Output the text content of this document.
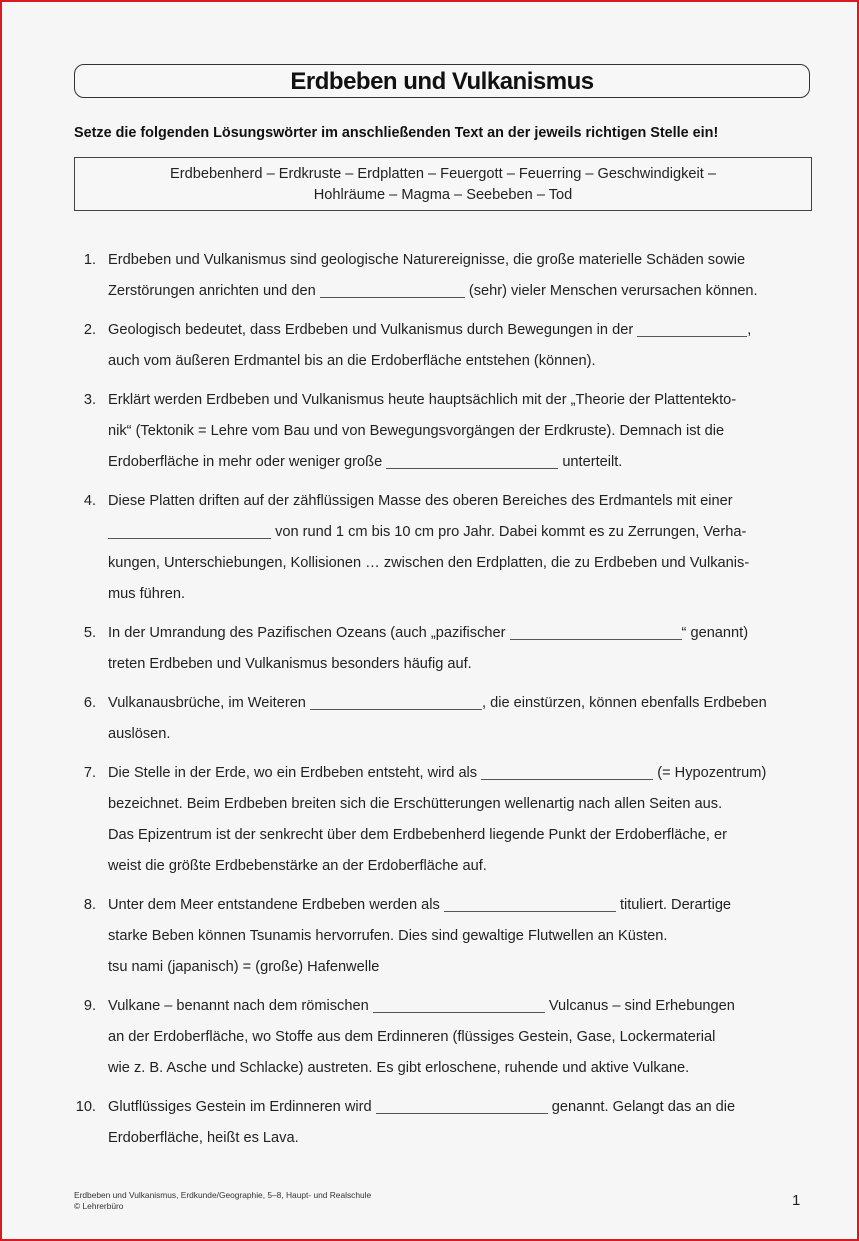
Erdbeben und Vulkanismus
Setze die folgenden Lösungswörter im anschließenden Text an der jeweils richtigen Stelle ein!
Erdbebenherd – Erdkruste – Erdplatten – Feuergott – Feuerring – Geschwindigkeit –
Hohlräume – Magma – Seebeben – Tod
1. Erdbeben und Vulkanismus sind geologische Naturereignisse, die große materielle Schäden sowie
Zerstörungen anrichten und den	(sehr) vieler Menschen verursachen können.
2. Geologisch bedeutet, dass Erdbeben und Vulkanismus durch Bewegungen in der	,
auch vom äußeren Erdmantel bis an die Erdoberfläche entstehen (können).
3. Erklärt werden Erdbeben und Vulkanismus heute hauptsächlich mit der „Theorie der Plattentekto-
nik“ (Tektonik = Lehre vom Bau und von Bewegungsvorgängen der Erdkruste). Demnach ist die
Erdoberfläche in mehr oder weniger große	unterteilt.
4. Diese Platten driften auf der zähflüssigen Masse des oberen Bereiches des Erdmantels mit einer
von rund 1 cm bis 10 cm pro Jahr. Dabei kommt es zu Zerrungen, Verha-
kungen, Unterschiebungen, Kollisionen … zwischen den Erdplatten, die zu Erdbeben und Vulkanis-
mus führen.
5. In der Umrandung des Pazifischen Ozeans (auch „pazifischer	“ genannt)
treten Erdbeben und Vulkanismus besonders häufig auf.
6. Vulkanausbrüche, im Weiteren	, die einstürzen, können ebenfalls Erdbeben
auslösen.
7. Die Stelle in der Erde, wo ein Erdbeben entsteht, wird als	(= Hypozentrum)
bezeichnet. Beim Erdbeben breiten sich die Erschütterungen wellenartig nach allen Seiten aus.
Das Epizentrum ist der senkrecht über dem Erdbebenherd liegende Punkt der Erdoberfläche, er
weist die größte Erdbebenstärke an der Erdoberfläche auf.
8. Unter dem Meer entstandene Erdbeben werden als	tituliert. Derartige
starke Beben können Tsunamis hervorrufen. Dies sind gewaltige Flutwellen an Küsten.
tsu nami (japanisch) = (große) Hafenwelle
9. Vulkane – benannt nach dem römischen	Vulcanus – sind Erhebungen
an der Erdoberfläche, wo Stoffe aus dem Erdinneren (flüssiges Gestein, Gase, Lockermaterial
wie z. B. Asche und Schlacke) austreten. Es gibt erloschene, ruhende und aktive Vulkane.
10. Glutflüssiges Gestein im Erdinneren wird	genannt. Gelangt das an die
Erdoberfläche, heißt es Lava.
Erdbeben und Vulkanismus, Erdkunde/Geographie, 5–8, Haupt- und Realschule
© Lehrerbüro	1
